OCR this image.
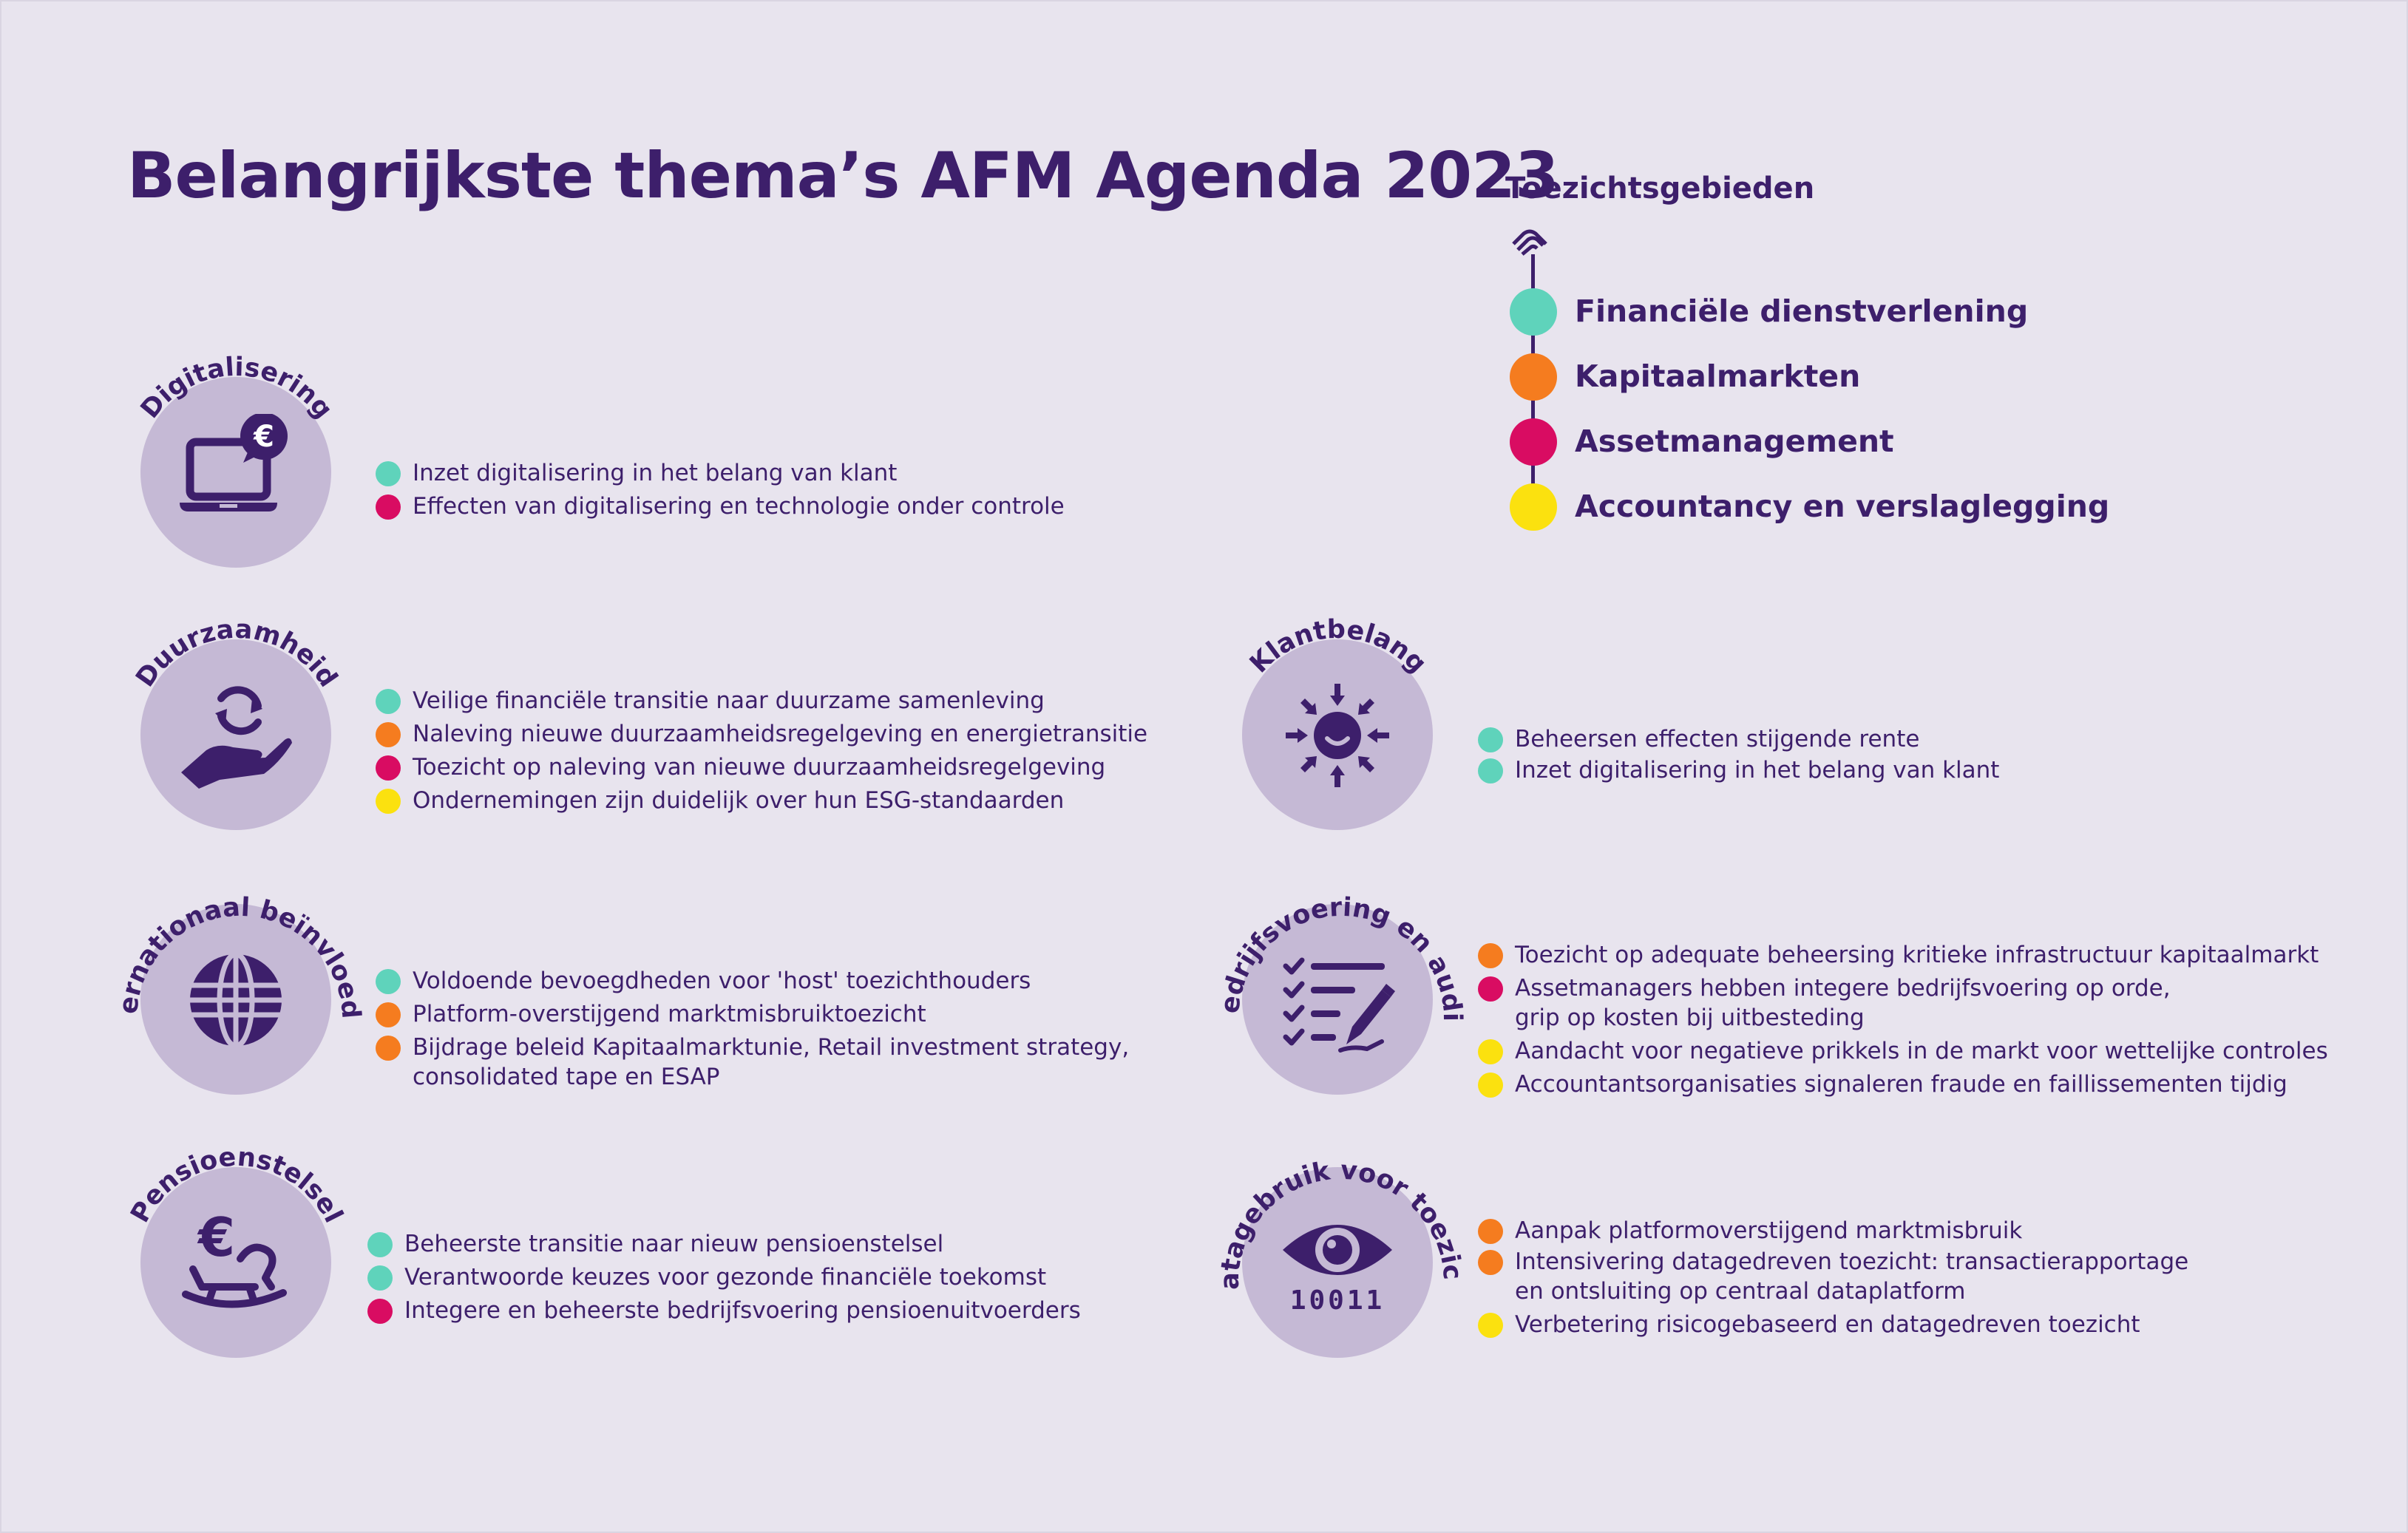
Belangrijkste thema’s AFM Agenda 2023
Toezichtsgebieden
Financiële dienstverlening
Kapitaalmarkten
Assetmanagement
Accountancy en verslaglegging
Digitalisering
€
Inzet digitalisering in het belang van klant
Effecten van digitalisering en technologie onder controle
Duurzaamheid
Veilige financiële transitie naar duurzame samenleving
Naleving nieuwe duurzaamheidsregelgeving en energietransitie
Toezicht op naleving van nieuwe duurzaamheidsregelgeving
Ondernemingen zijn duidelijk over hun ESG-standaarden
Internationaal beïnvloeden
Voldoende bevoegdheden voor 'host' toezichthouders
Platform-overstijgend marktmisbruiktoezicht
Bijdrage beleid Kapitaalmarktunie, Retail investment strategy, consolidated tape en ESAP
Pensioenstelsel
€	Beheerste transitie naar nieuw pensioenstelsel
Verantwoorde keuzes voor gezonde financiële toekomst
Integere en beheerste bedrijfsvoering pensioenuitvoerders
Klantbelang
Beheersen effecten stijgende rente
Inzet digitalisering in het belang van klant
Bedrijfsvoering en audit
Toezicht op adequate beheersing kritieke infrastructuur kapitaalmarkt
Assetmanagers hebben integere bedrijfsvoering op orde, grip op kosten bij uitbesteding
Aandacht voor negatieve prikkels in de markt voor wettelijke controles
Accountantsorganisaties signaleren fraude en faillissementen tijdig
Datagebruik voor toezicht
10011
Aanpak platformoverstijgend marktmisbruik
Intensivering datagedreven toezicht: transactierapportage en ontsluiting op centraal dataplatform
Verbetering risicogebaseerd en datagedreven toezicht
